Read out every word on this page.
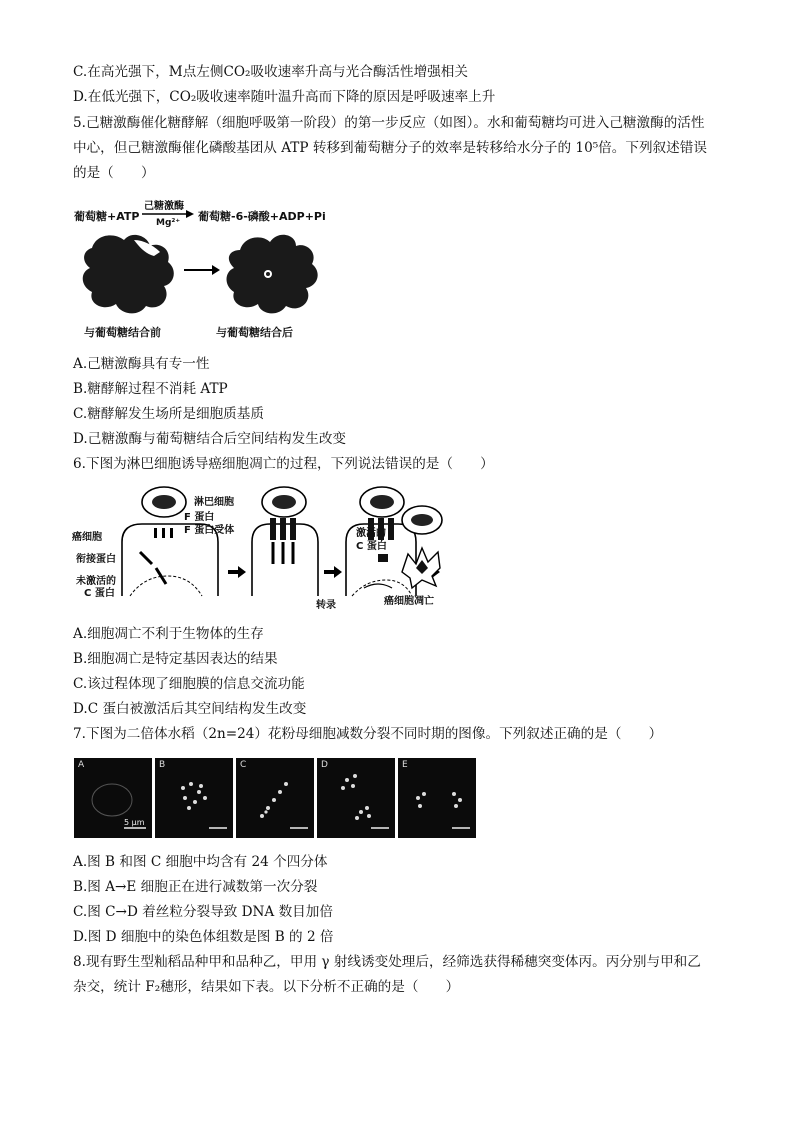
C.在高光强下，M点左侧CO₂吸收速率升高与光合酶活性增强相关
D.在低光强下，CO₂吸收速率随叶温升高而下降的原因是呼吸速率上升
5.己糖激酶催化糖酵解（细胞呼吸第一阶段）的第一步反应（如图）。水和葡萄糖均可进入己糖激酶的活性
中心，但己糖激酶催化磷酸基团从 ATP 转移到葡萄糖分子的效率是转移给水分子的 10⁵倍。下列叙述错误
的是（　　）
葡萄糖+ATP
己糖激酶
Mg²⁺ → 葡萄糖-6-磷酸+ADP+Pi
与葡萄糖结合前	与葡萄糖结合后
A.己糖激酶具有专一性
B.糖酵解过程不消耗 ATP
C.糖酵解发生场所是细胞质基质
D.己糖激酶与葡萄糖结合后空间结构发生改变
6.下图为淋巴细胞诱导癌细胞凋亡的过程，下列说法错误的是（　　）
淋巴细胞
F 蛋白
F 蛋白受体
癌细胞
衔接蛋白
未激活的
C 蛋白
激活的
C 蛋白
转录	癌细胞凋亡
A.细胞凋亡不利于生物体的生存
B.细胞凋亡是特定基因表达的结果
C.该过程体现了细胞膜的信息交流功能
D.C 蛋白被激活后其空间结构发生改变
7.下图为二倍体水稻（2n=24）花粉母细胞减数分裂不同时期的图像。下列叙述正确的是（　　）
A
5 μm
B	C	D	E
A.图 B 和图 C 细胞中均含有 24 个四分体
B.图 A→E 细胞正在进行减数第一次分裂
C.图 C→D 着丝粒分裂导致 DNA 数目加倍
D.图 D 细胞中的染色体组数是图 B 的 2 倍
8.现有野生型籼稻品种甲和品种乙，甲用 γ 射线诱变处理后，经筛选获得稀穗突变体丙。丙分别与甲和乙
杂交，统计 F₂穗形，结果如下表。以下分析不正确的是（　　）
